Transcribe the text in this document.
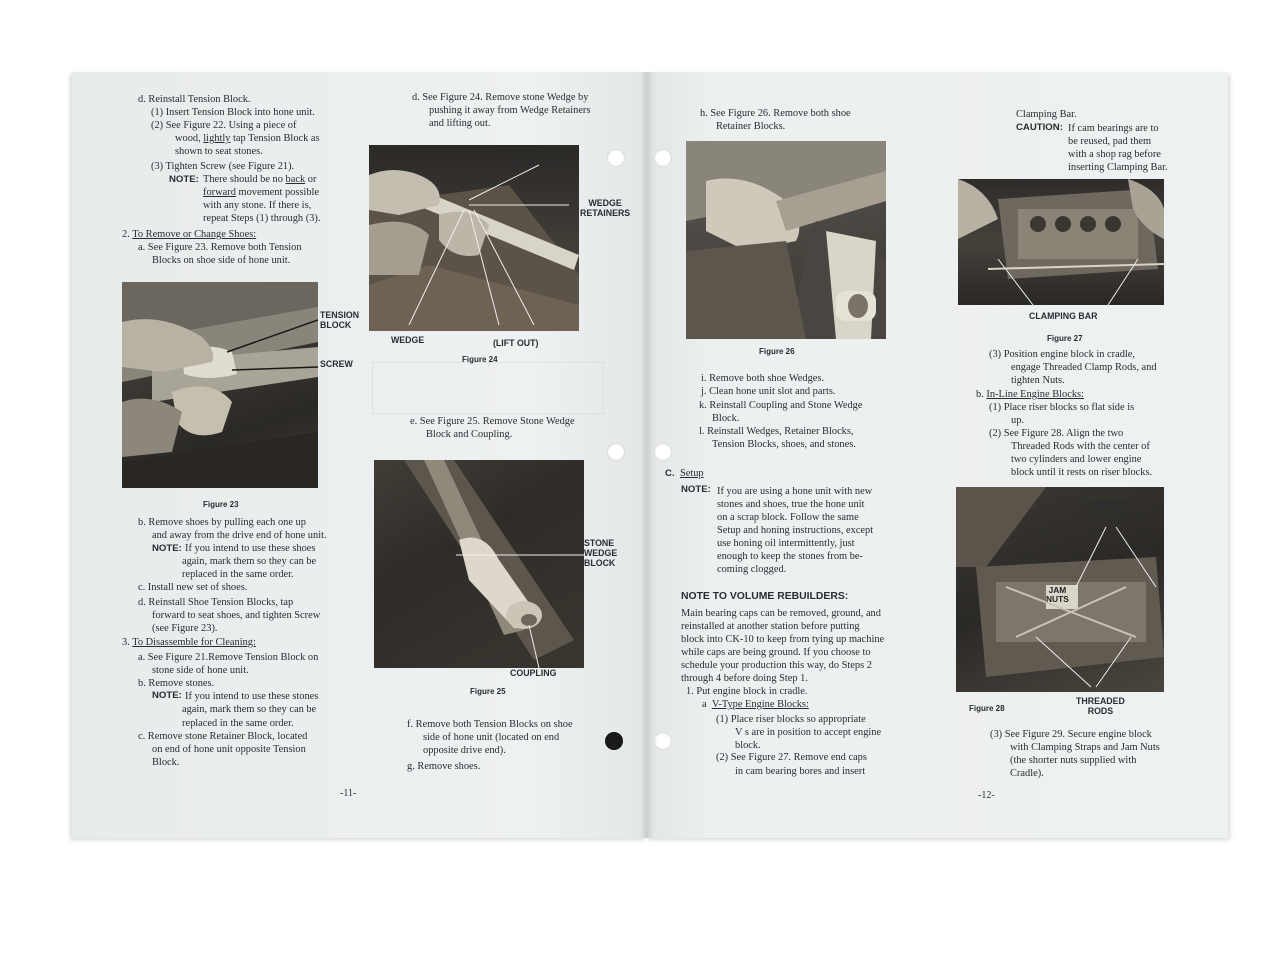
d. Reinstall Tension Block.
(1) Insert Tension Block into hone unit.
(2) See Figure 22. Using a piece of
wood, lightly tap Tension Block as
shown to seat stones.
(3) Tighten Screw (see Figure 21).
NOTE: There should be no back or
forward movement possible
with any stone. If there is,
repeat Steps (1) through (3).
2. To Remove or Change Shoes:
a. See Figure 23. Remove both Tension
Blocks on shoe side of hone unit.
TENSION
BLOCK
SCREW
Figure 23
b. Remove shoes by pulling each one up
and away from the drive end of hone unit.
NOTE: If you intend to use these shoes
again, mark them so they can be
replaced in the same order.
c. Install new set of shoes.
d. Reinstall Shoe Tension Blocks, tap
forward to seat shoes, and tighten Screw
(see Figure 23).
3. To Disassemble for Cleaning:
a. See Figure 21.Remove Tension Block on
stone side of hone unit.
b. Remove stones.
NOTE: If you intend to use these stones
again, mark them so they can be
replaced in the same order.
c. Remove stone Retainer Block, located
on end of hone unit opposite Tension
Block.
d. See Figure 24. Remove stone Wedge by
pushing it away from Wedge Retainers
and lifting out.
(PUSH AWAY)
WEDGE
RETAINERS
WEDGE	(LIFT OUT)
Figure 24
e. See Figure 25. Remove Stone Wedge
Block and Coupling.
STONE
WEDGE
BLOCK
COUPLING
Figure 25
f. Remove both Tension Blocks on shoe
side of hone unit (located on end
opposite drive end).
g. Remove shoes.
-11-
h. See Figure 26. Remove both shoe
Retainer Blocks.
Figure 26
i. Remove both shoe Wedges.
j. Clean hone unit slot and parts.
k. Reinstall Coupling and Stone Wedge
Block.
l. Reinstall Wedges, Retainer Blocks,
Tension Blocks, shoes, and stones.
C. Setup
NOTE: If you are using a hone unit with new
stones and shoes, true the hone unit
on a scrap block. Follow the same
Setup and honing instructions, except
use honing oil intermittently, just
enough to keep the stones from be-
coming clogged.
NOTE TO VOLUME REBUILDERS:
Main bearing caps can be removed, ground, and
reinstalled at another station before putting
block into CK-10 to keep from tying up machine
while caps are being ground. If you choose to
schedule your production this way, do Steps 2
through 4 before doing Step 1.
1. Put engine block in cradle.
a V-Type Engine Blocks:
(1) Place riser blocks so appropriate
V s are in position to accept engine
block.
(2) See Figure 27. Remove end caps
in cam bearing bores and insert
-12-
Clamping Bar.
CAUTION: If cam bearings are to
be reused, pad them
with a shop rag before
inserting Clamping Bar.
CLAMPING BAR
Figure 27
(3) Position engine block in cradle,
engage Threaded Clamp Rods, and
tighten Nuts.
b. In-Line Engine Blocks:
(1) Place riser blocks so flat side is
up.
(2) See Figure 28. Align the two
Threaded Rods with the center of
two cylinders and lower engine
block until it rests on riser blocks.
JAM
NUTS
CLAMPING
STRAPS
THREADED
RODS
Figure 28
(3) See Figure 29. Secure engine block
with Clamping Straps and Jam Nuts
(the shorter nuts supplied with
Cradle).
